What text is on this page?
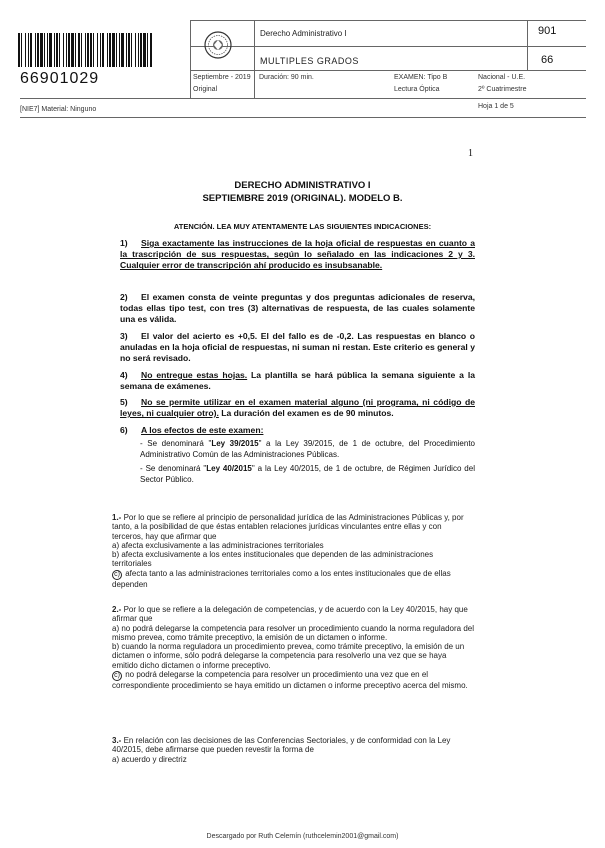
66901029
Derecho Administrativo I	901
MULTIPLES GRADOS	66
Septiembre - 2019
Original
Duración: 90 min.	EXAMEN: Tipo B
Lectura Óptica
Nacional - U.E.
2º Cuatrimestre
[NIE7] Material: Ninguno	Hoja 1 de 5
1
DERECHO ADMINISTRATIVO I
SEPTIEMBRE 2019 (ORIGINAL). MODELO B.
ATENCIÓN. LEA MUY ATENTAMENTE LAS SIGUIENTES INDICACIONES:
1) Siga exactamente las instrucciones de la hoja oficial de respuestas en cuanto a la trascripción de sus respuestas, según lo señalado en las indicaciones 2 y 3. Cualquier error de transcripción ahí producido es insubsanable.
2) El examen consta de veinte preguntas y dos preguntas adicionales de reserva, todas ellas tipo test, con tres (3) alternativas de respuesta, de las cuales solamente una es válida.
3) El valor del acierto es +0,5. El del fallo es de -0,2. Las respuestas en blanco o anuladas en la hoja oficial de respuestas, ni suman ni restan. Este criterio es general y no será revisado.
4) No entregue estas hojas. La plantilla se hará pública la semana siguiente a la semana de exámenes.
5) No se permite utilizar en el examen material alguno (ni programa, ni código de leyes, ni cualquier otro). La duración del examen es de 90 minutos.
6) A los efectos de este examen:
- Se denominará "Ley 39/2015" a la Ley 39/2015, de 1 de octubre, del Procedimiento Administrativo Común de las Administraciones Públicas.
- Se denominará "Ley 40/2015" a la Ley 40/2015, de 1 de octubre, de Régimen Jurídico del Sector Público.
1.- Por lo que se refiere al principio de personalidad jurídica de las Administraciones Públicas y, por tanto, a la posibilidad de que éstas entablen relaciones jurídicas vinculantes entre ellas y con terceros, hay que afirmar que
a) afecta exclusivamente a las administraciones territoriales
b) afecta exclusivamente a los entes institucionales que dependen de las administraciones territoriales
c) afecta tanto a las administraciones territoriales como a los entes institucionales que de ellas dependen
2.- Por lo que se refiere a la delegación de competencias, y de acuerdo con la Ley 40/2015, hay que afirmar que
a) no podrá delegarse la competencia para resolver un procedimiento cuando la norma reguladora del mismo prevea, como trámite preceptivo, la emisión de un dictamen o informe.
b) cuando la norma reguladora un procedimiento prevea, como trámite preceptivo, la emisión de un dictamen o informe, sólo podrá delegarse la competencia para resolverlo una vez que se haya emitido dicho dictamen o informe preceptivo.
c) no podrá delegarse la competencia para resolver un procedimiento una vez que en el correspondiente procedimiento se haya emitido un dictamen o informe preceptivo acerca del mismo.
3.- En relación con las decisiones de las Conferencias Sectoriales, y de conformidad con la Ley 40/2015, debe afirmarse que pueden revestir la forma de
a) acuerdo y directriz
Descargado por Ruth Celemín (ruthcelemin2001@gmail.com)
